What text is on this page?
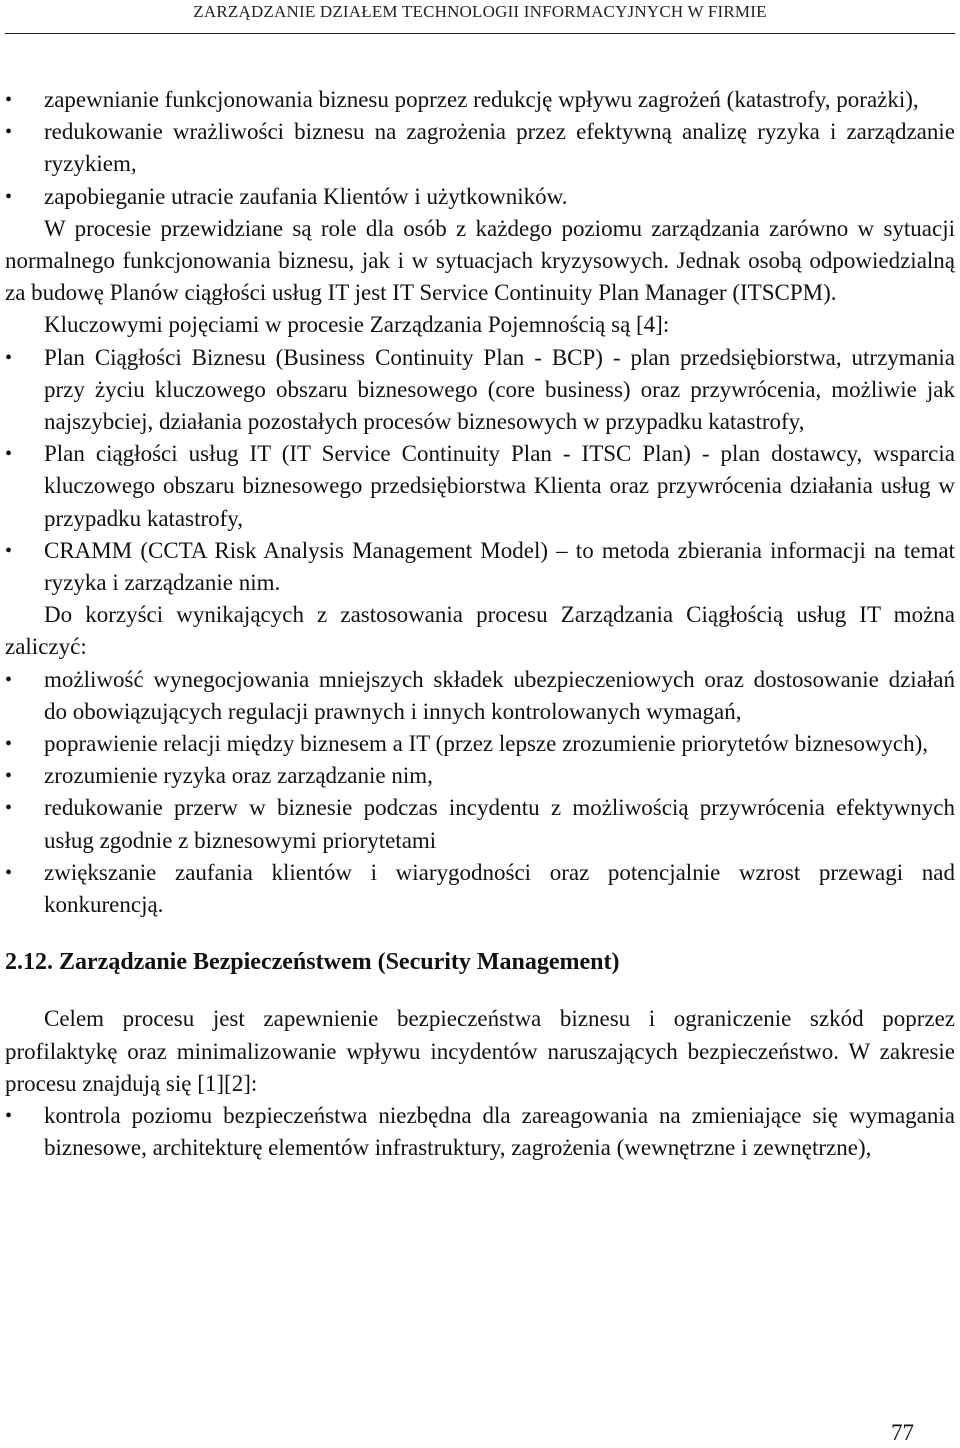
ZARZĄDZANIE DZIAŁEM TECHNOLOGII INFORMACYJNYCH W FIRMIE
•	zapewnianie funkcjonowania biznesu poprzez redukcję wpływu zagrożeń (katastrofy, porażki),
•	redukowanie wrażliwości biznesu na zagrożenia przez efektywną analizę ryzyka i zarządzanie ryzykiem,
•	zapobieganie utracie zaufania Klientów i użytkowników.

W procesie przewidziane są role dla osób z każdego poziomu zarządzania zarówno w sytuacji normalnego funkcjonowania biznesu, jak i w sytuacjach kryzysowych. Jednak osobą odpowiedzialną za budowę Planów ciągłości usług IT jest IT Service Continuity Plan Manager (ITSCPM).

Kluczowymi pojęciami w procesie Zarządzania Pojemnością są [4]:

•	Plan Ciągłości Biznesu (Business Continuity Plan - BCP) - plan przedsiębiorstwa, utrzymania przy życiu kluczowego obszaru biznesowego (core business) oraz przywrócenia, możliwie jak najszybciej, działania pozostałych procesów biznesowych w przypadku katastrofy,
•	Plan ciągłości usług IT (IT Service Continuity Plan - ITSC Plan) - plan dostawcy, wsparcia kluczowego obszaru biznesowego przedsiębiorstwa Klienta oraz przywrócenia działania usług w przypadku katastrofy,
•	CRAMM (CCTA Risk Analysis Management Model) – to metoda zbierania informacji na temat ryzyka i zarządzanie nim.

Do korzyści wynikających z zastosowania procesu Zarządzania Ciągłością usług IT można zaliczyć:

•	możliwość wynegocjowania mniejszych składek ubezpieczeniowych oraz dostosowanie działań do obowiązujących regulacji prawnych i innych kontrolowanych wymagań,
•	poprawienie relacji między biznesem a IT (przez lepsze zrozumienie priorytetów biznesowych),
•	zrozumienie ryzyka oraz zarządzanie nim,
•	redukowanie przerw w biznesie podczas incydentu z możliwością przywrócenia efektywnych usług zgodnie z biznesowymi priorytetami
•	zwiększanie zaufania klientów i wiarygodności oraz potencjalnie wzrost przewagi nad konkurencją.
2.12. Zarządzanie Bezpieczeństwem (Security Management)

Celem procesu jest zapewnienie bezpieczeństwa biznesu i ograniczenie szkód poprzez profilaktykę oraz minimalizowanie wpływu incydentów naruszających bezpieczeństwo. W zakresie procesu znajdują się [1][2]:

•	kontrola poziomu bezpieczeństwa niezbędna dla zareagowania na zmieniające się wymagania biznesowe, architekturę elementów infrastruktury, zagrożenia (wewnętrzne i zewnętrzne),
77
